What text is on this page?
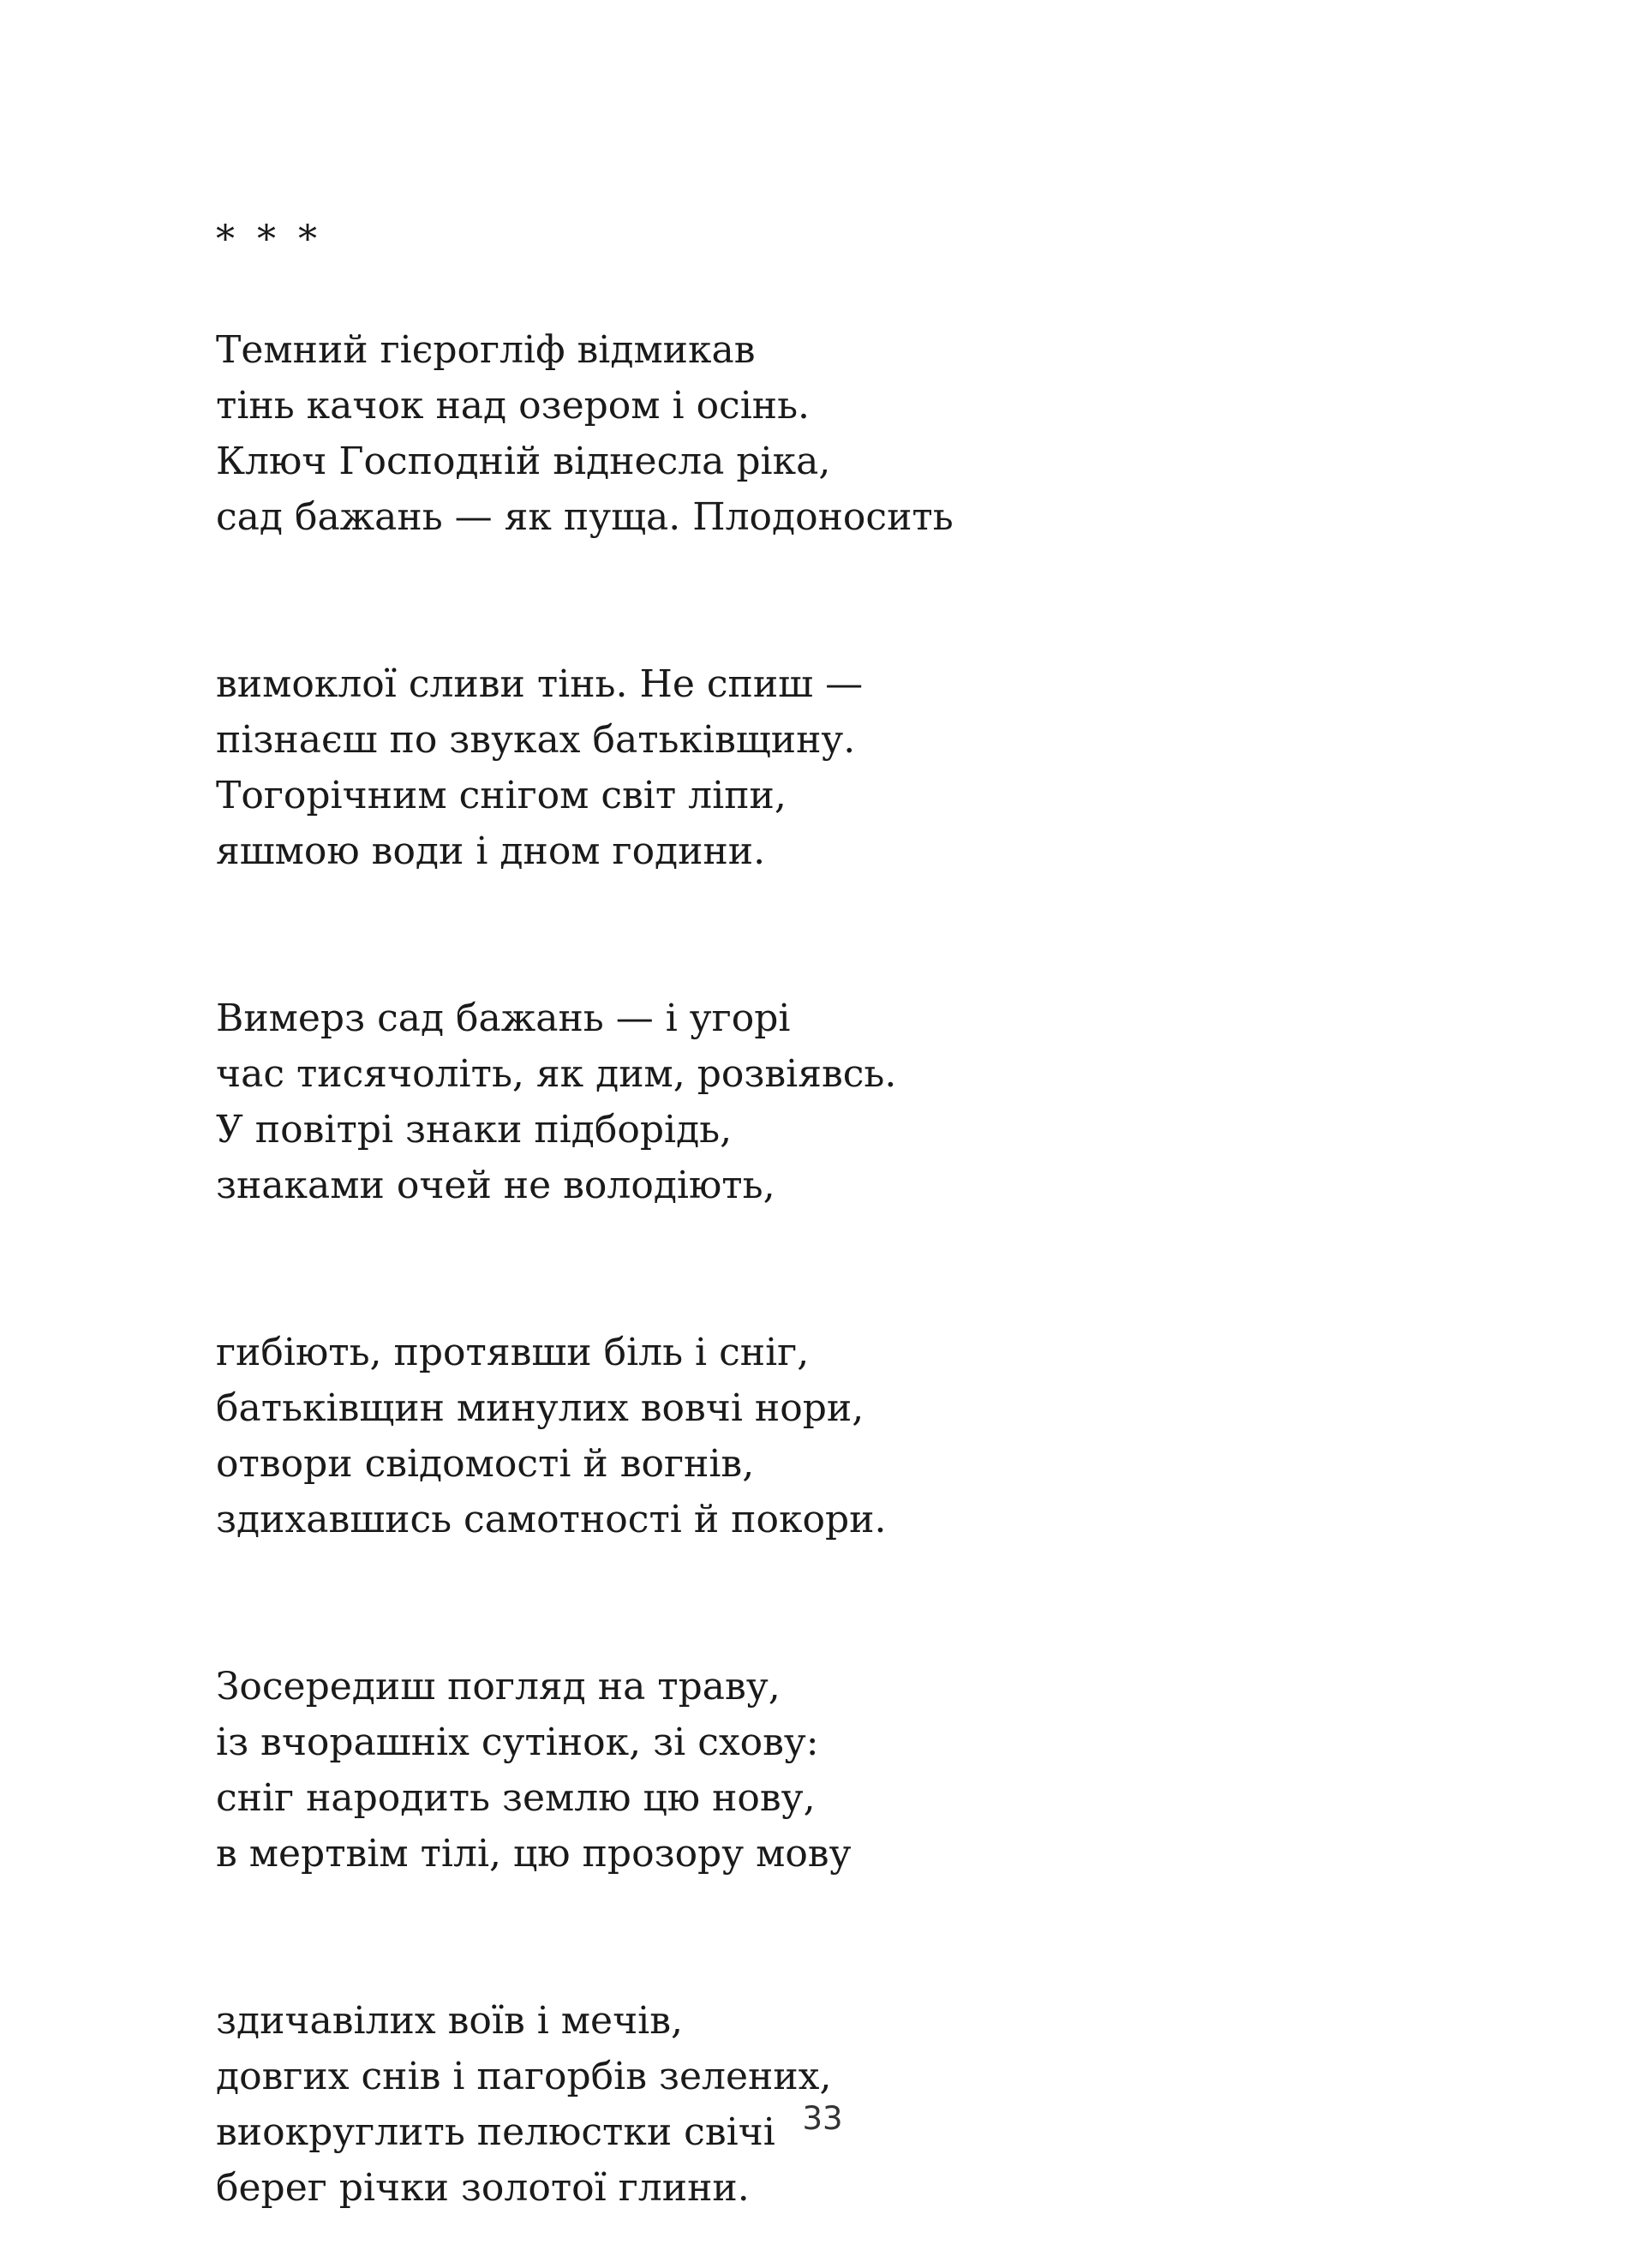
* * *
Темний гієрогліф відмикав
тінь качок над озером і осінь.
Ключ Господній віднесла ріка,
сад бажань — як пуща. Плодоносить
вимоклої сливи тінь. Не спиш —
пізнаєш по звуках батьківщину.
Тогорічним снігом світ ліпи,
яшмою води і дном години.
Вимерз сад бажань — і угорі
час тисячоліть, як дим, розвіявсь.
У повітрі знаки підборідь,
знаками очей не володіють,
гибіють, протявши біль і сніг,
батьківщин минулих вовчі нори,
отвори свідомості й вогнів,
здихавшись самотності й покори.
Зосередиш погляд на траву,
із вчорашніх сутінок, зі схову:
сніг народить землю цю нову,
в мертвім тілі, цю прозору мову
здичавілих воїв і мечів,
довгих снів і пагорбів зелених,
виокруглить пелюстки свічі
берег річки золотої глини.
33
